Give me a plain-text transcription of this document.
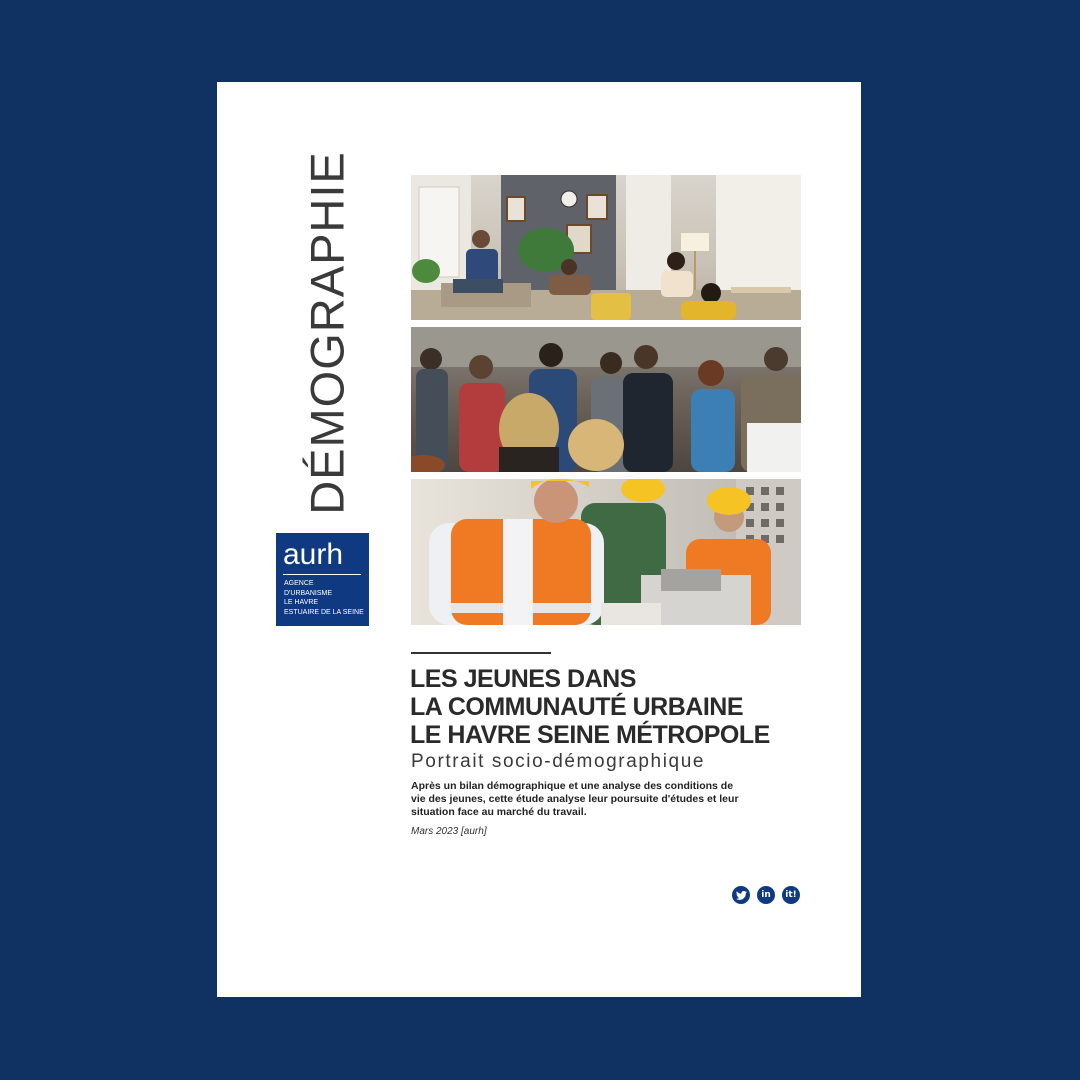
DÉMOGRAPHIE
aurh
AGENCE
D'URBANISME
LE HAVRE
ESTUAIRE DE LA SEINE
LES JEUNES DANS
LA COMMUNAUTÉ URBAINE
LE HAVRE SEINE MÉTROPOLE
Portrait socio-démographique
Après un bilan démographique et une analyse des conditions de vie des jeunes, cette étude analyse leur poursuite d'études et leur situation face au marché du travail.
Mars 2023 [aurh]
in	it!
